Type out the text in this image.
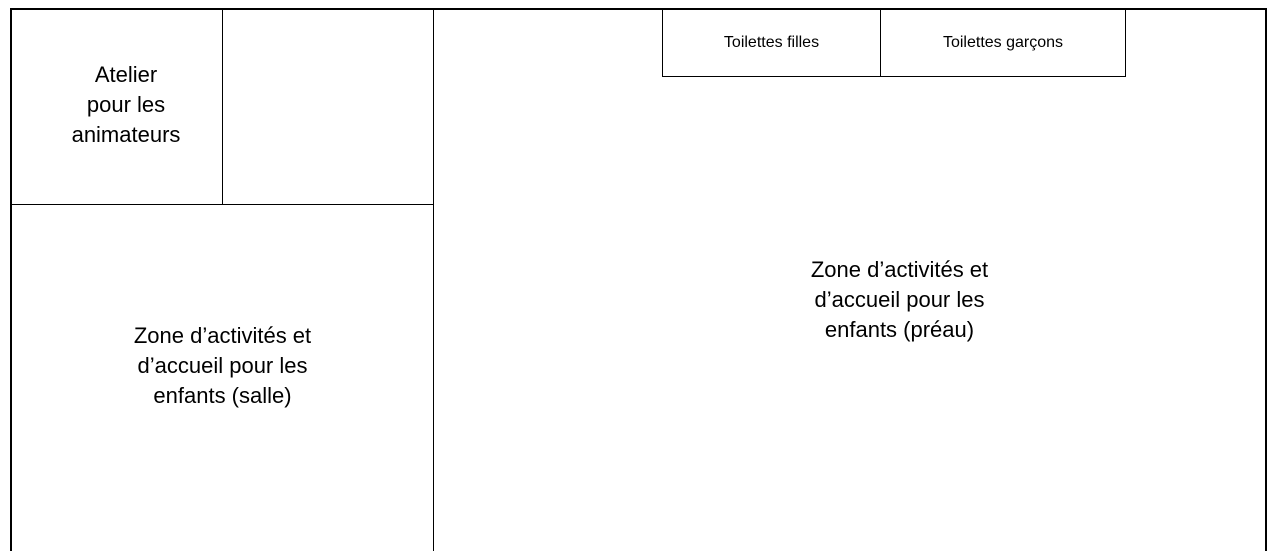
Atelier
pour les
animateurs
Zone d’activités et
d’accueil pour les
enfants (salle)
Zone d’activités et
d’accueil pour les
enfants (préau)
Toilettes filles	Toilettes garçons
